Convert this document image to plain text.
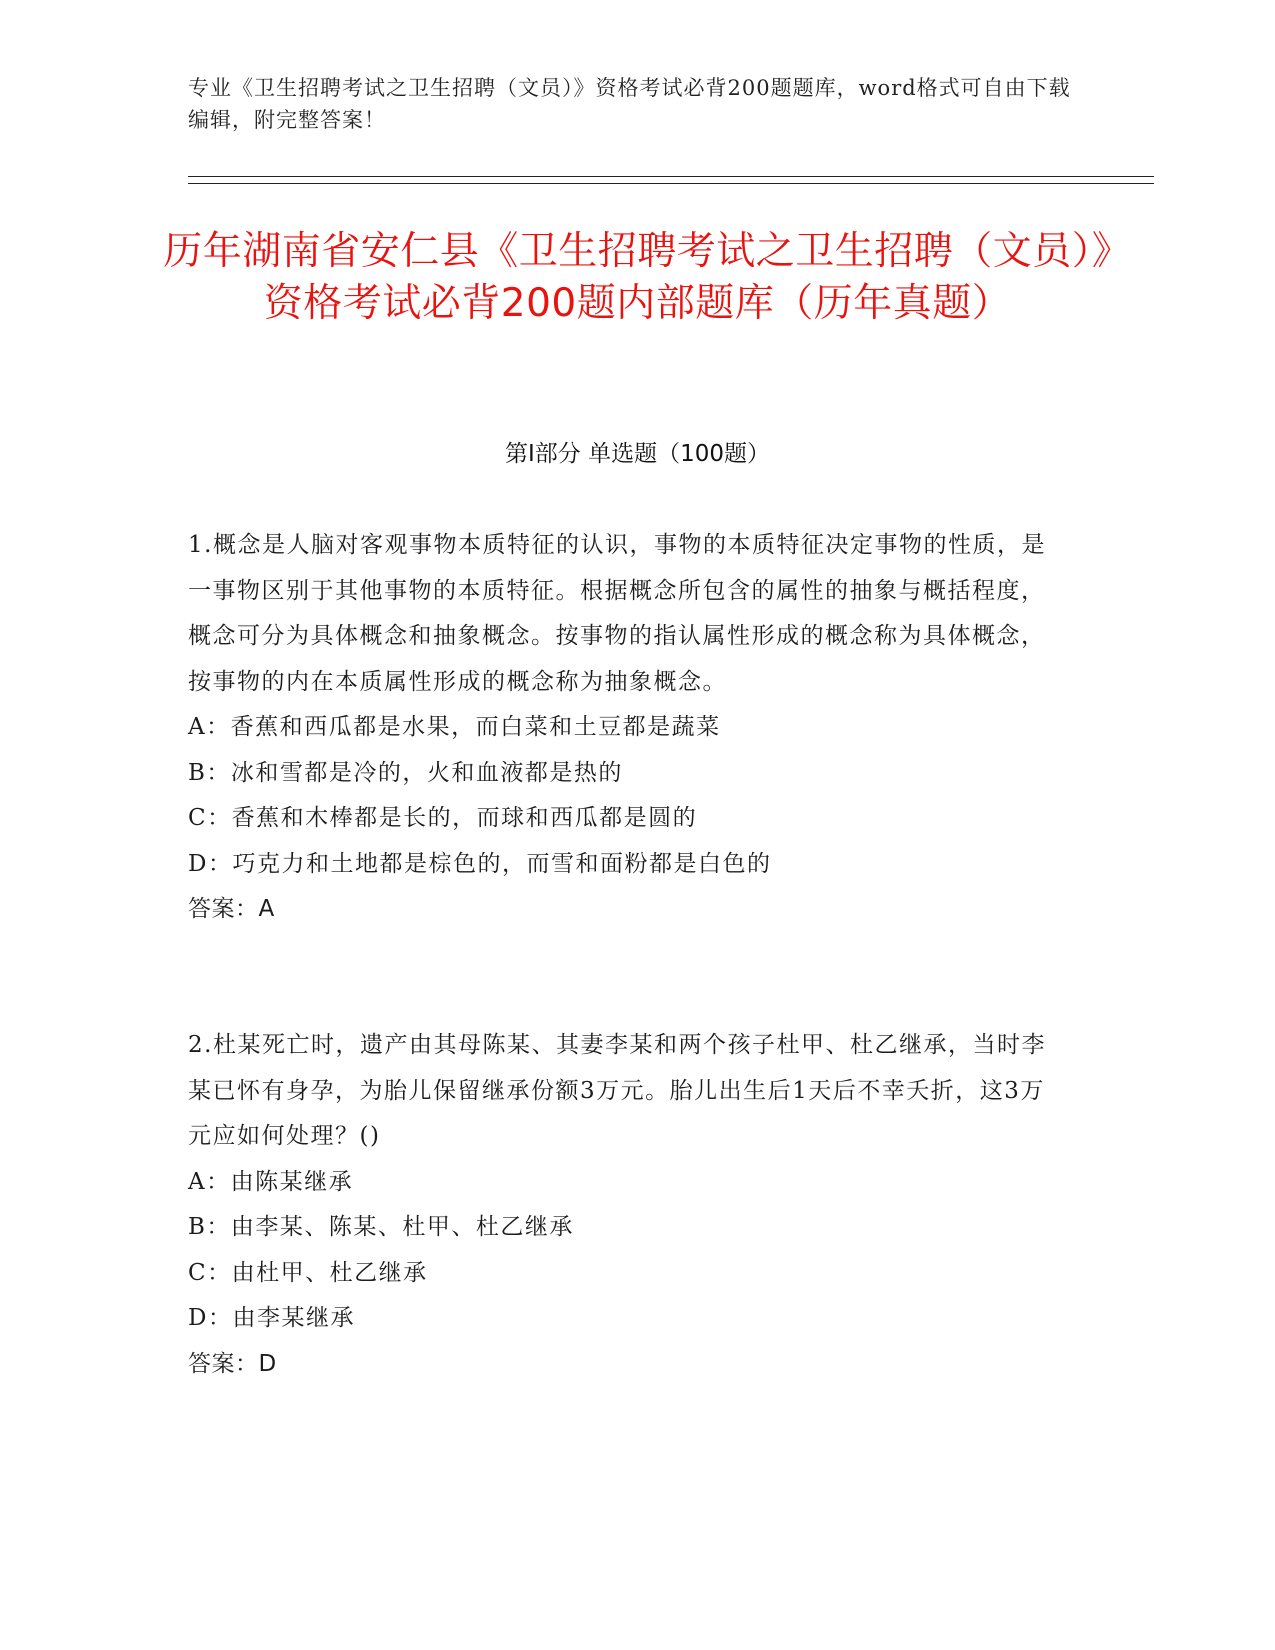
专业《卫生招聘考试之卫生招聘（文员）》资格考试必背200题题库，word格式可自由下载编辑，附完整答案！
历年湖南省安仁县《卫生招聘考试之卫生招聘（文员）》资格考试必背200题内部题库（历年真题）
第Ⅰ部分 单选题（100题）

1.概念是人脑对客观事物本质特征的认识，事物的本质特征决定事物的性质，是一事物区别于其他事物的本质特征。根据概念所包含的属性的抽象与概括程度，概念可分为具体概念和抽象概念。按事物的指认属性形成的概念称为具体概念，按事物的内在本质属性形成的概念称为抽象概念。

A：香蕉和西瓜都是水果，而白菜和土豆都是蔬菜

B：冰和雪都是冷的，火和血液都是热的

C：香蕉和木棒都是长的，而球和西瓜都是圆的

D：巧克力和土地都是棕色的，而雪和面粉都是白色的

答案：A

2.杜某死亡时，遗产由其母陈某、其妻李某和两个孩子杜甲、杜乙继承，当时李某已怀有身孕，为胎儿保留继承份额3万元。胎儿出生后1天后不幸夭折，这3万元应如何处理？()

A：由陈某继承

B：由李某、陈某、杜甲、杜乙继承

C：由杜甲、杜乙继承

D：由李某继承

答案：D
